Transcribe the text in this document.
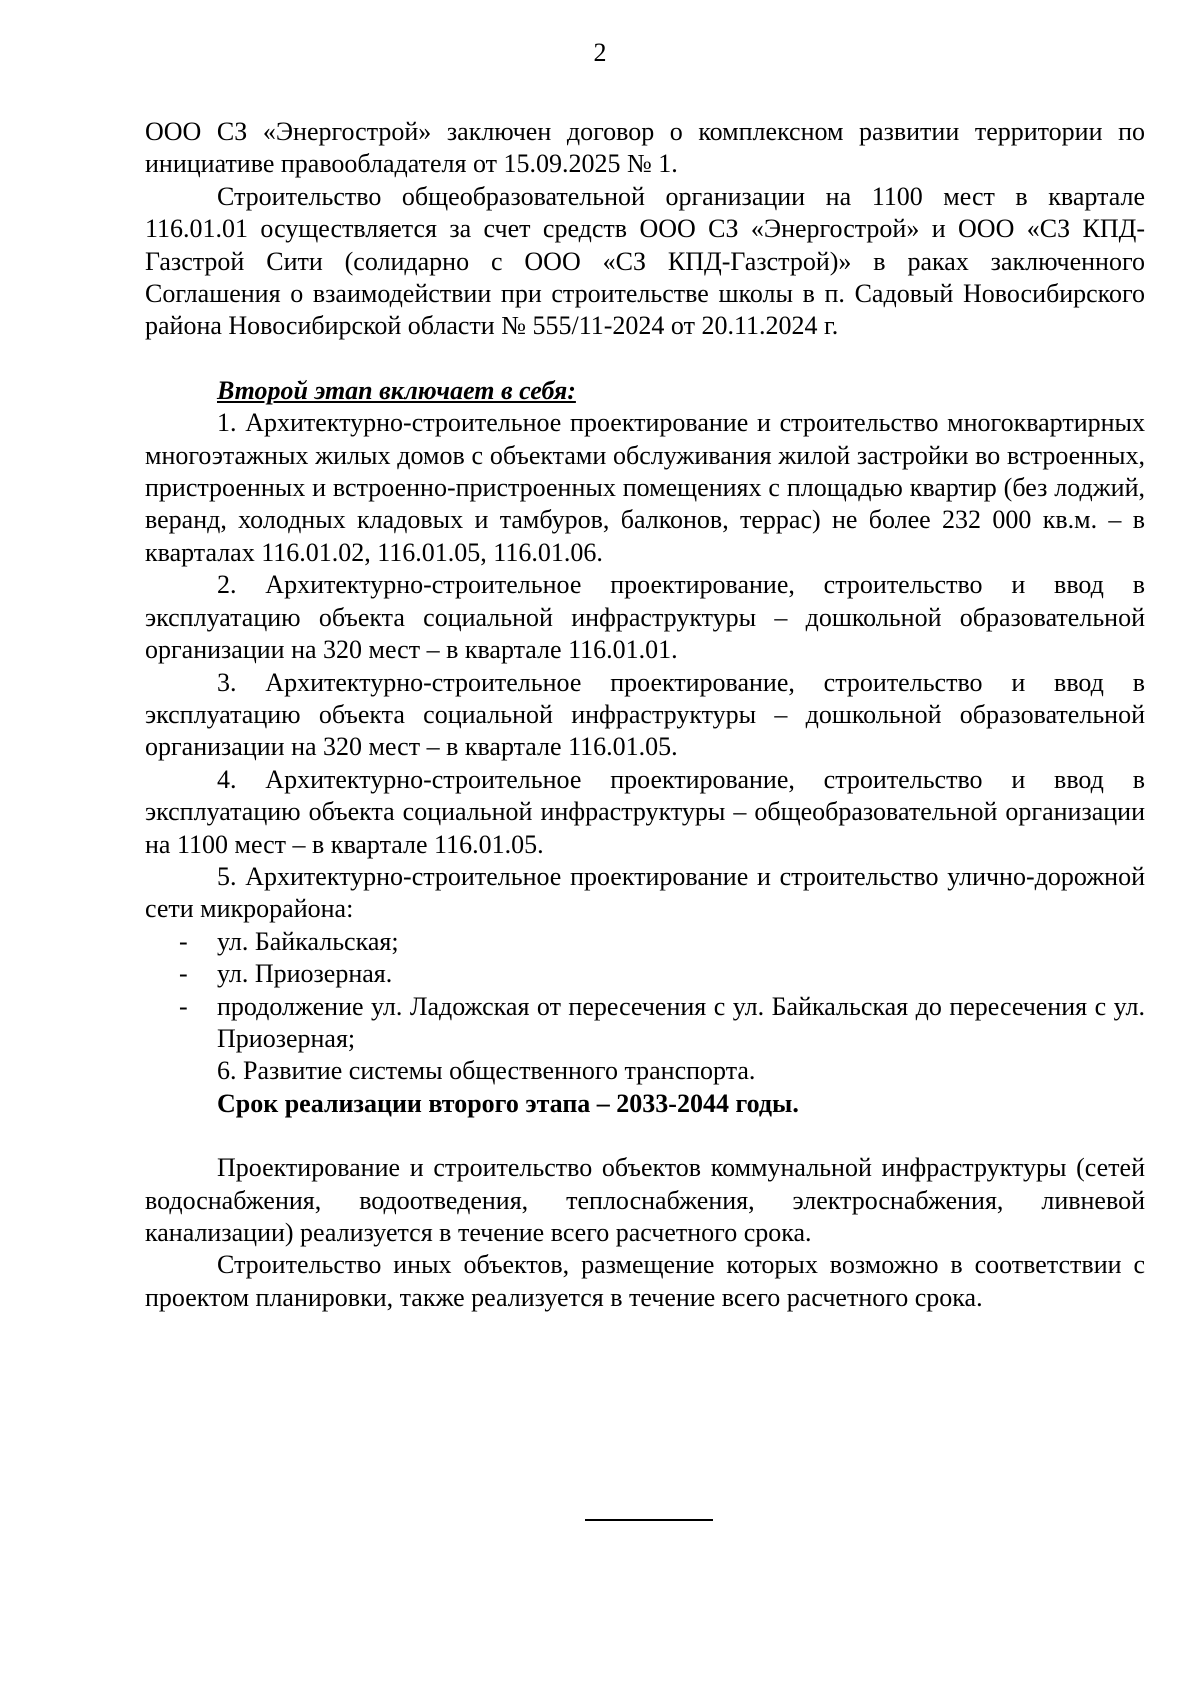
2

ООО СЗ «Энергострой» заключен договор о комплексном развитии территории по инициативе правообладателя от 15.09.2025 № 1.

Строительство общеобразовательной организации на 1100 мест в квартале 116.01.01 осуществляется за счет средств ООО СЗ «Энергострой» и ООО «СЗ КПД-Газстрой Сити (солидарно с ООО «СЗ КПД-Газстрой)» в раках заключенного Соглашения о взаимодействии при строительстве школы в п. Садовый Новосибирского района Новосибирской области № 555/11-2024 от 20.11.2024 г.

Второй этап включает в себя:

1. Архитектурно-строительное проектирование и строительство многоквартирных многоэтажных жилых домов с объектами обслуживания жилой застройки во встроенных, пристроенных и встроенно-пристроенных помещениях с площадью квартир (без лоджий, веранд, холодных кладовых и тамбуров, балконов, террас) не более 232 000 кв.м. – в кварталах 116.01.02, 116.01.05, 116.01.06.

2. Архитектурно-строительное проектирование, строительство и ввод в эксплуатацию объекта социальной инфраструктуры – дошкольной образовательной организации на 320 мест – в квартале 116.01.01.

3. Архитектурно-строительное проектирование, строительство и ввод в эксплуатацию объекта социальной инфраструктуры – дошкольной образовательной организации на 320 мест – в квартале 116.01.05.

4. Архитектурно-строительное проектирование, строительство и ввод в эксплуатацию объекта социальной инфраструктуры – общеобразовательной организации на 1100 мест – в квартале 116.01.05.

5. Архитектурно-строительное проектирование и строительство улично-дорожной сети микрорайона:

- ул. Байкальская;
- ул. Приозерная.
- продолжение ул. Ладожская от пересечения с ул. Байкальская до пересечения с ул. Приозерная;

6. Развитие системы общественного транспорта.

Срок реализации второго этапа – 2033-2044 годы.

Проектирование и строительство объектов коммунальной инфраструктуры (сетей водоснабжения, водоотведения, теплоснабжения, электроснабжения, ливневой канализации) реализуется в течение всего расчетного срока.

Строительство иных объектов, размещение которых возможно в соответствии с проектом планировки, также реализуется в течение всего расчетного срока.
